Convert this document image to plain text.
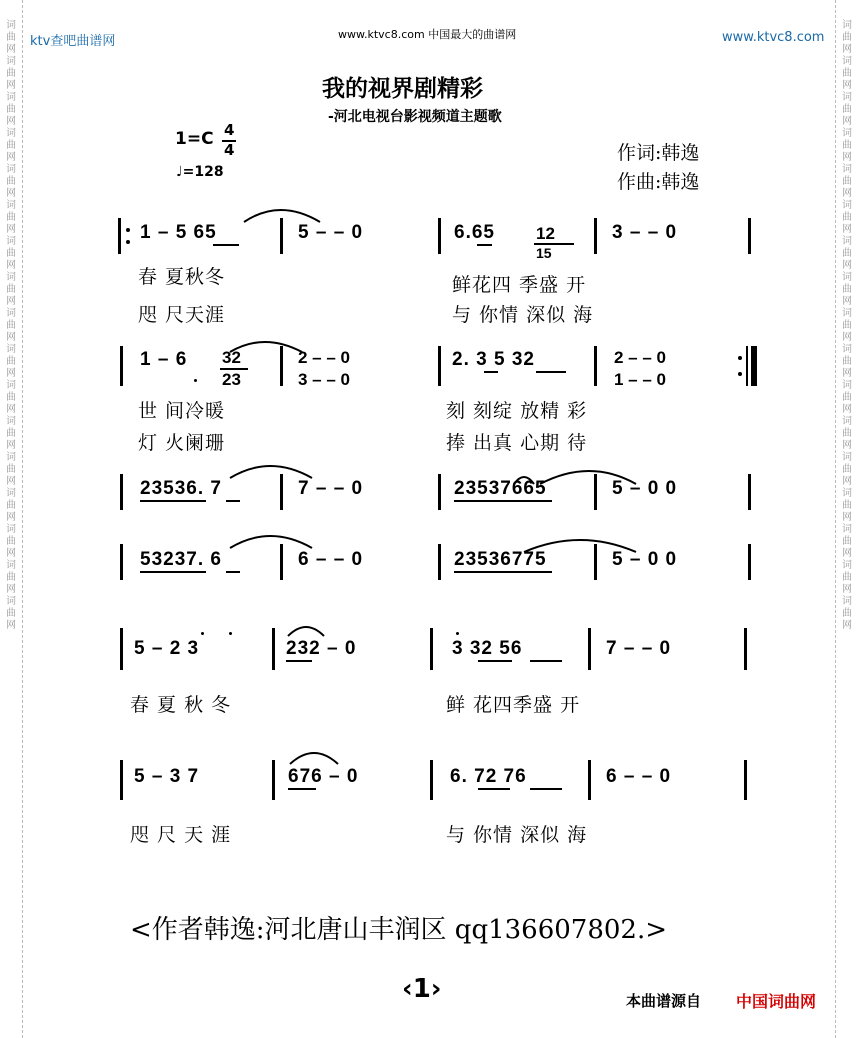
词曲网词曲网词曲网词曲网词曲网词曲网词曲网词曲网词曲网词曲网词曲网词曲网词曲网词曲网词曲网词曲网词曲网
词曲网词曲网词曲网词曲网词曲网词曲网词曲网词曲网词曲网词曲网词曲网词曲网词曲网词曲网词曲网词曲网词曲网
ktv查吧曲谱网	www.ktvc8.com 中国最大的曲谱网	www.ktvc8.com
我的视界剧精彩
-河北电视台影视频道主题歌
1=C 4
4
♩=128
作词:韩逸
作曲:韩逸
1 – 5 65	5 – – 0	6.65 12
15
3 – – 0
春 夏秋冬	鲜花四 季盛 开
咫 尺天涯	与 你情 深似 海
1 – 6 32
23
2 – – 0
3 – – 0
2. 3 5 32	2 – – 0
1 – – 0
世 间冷暖	刻 刻绽 放精 彩
灯 火阑珊	捧 出真 心期 待
23536. 7	7 – – 0	23537665	5 – 0 0
53237. 6	6 – – 0	23536775	5 – 0 0
5 – 2 3	232 – 0	3 32 56	7 – – 0
春 夏 秋 冬	鲜 花四季盛 开
5 – 3 7	676 – 0	6. 72 76	6 – – 0
咫 尺 天 涯	与 你情 深似 海
<作者韩逸:河北唐山丰润区 qq136607802.>
‹1›	本曲谱源自 中国词曲网
